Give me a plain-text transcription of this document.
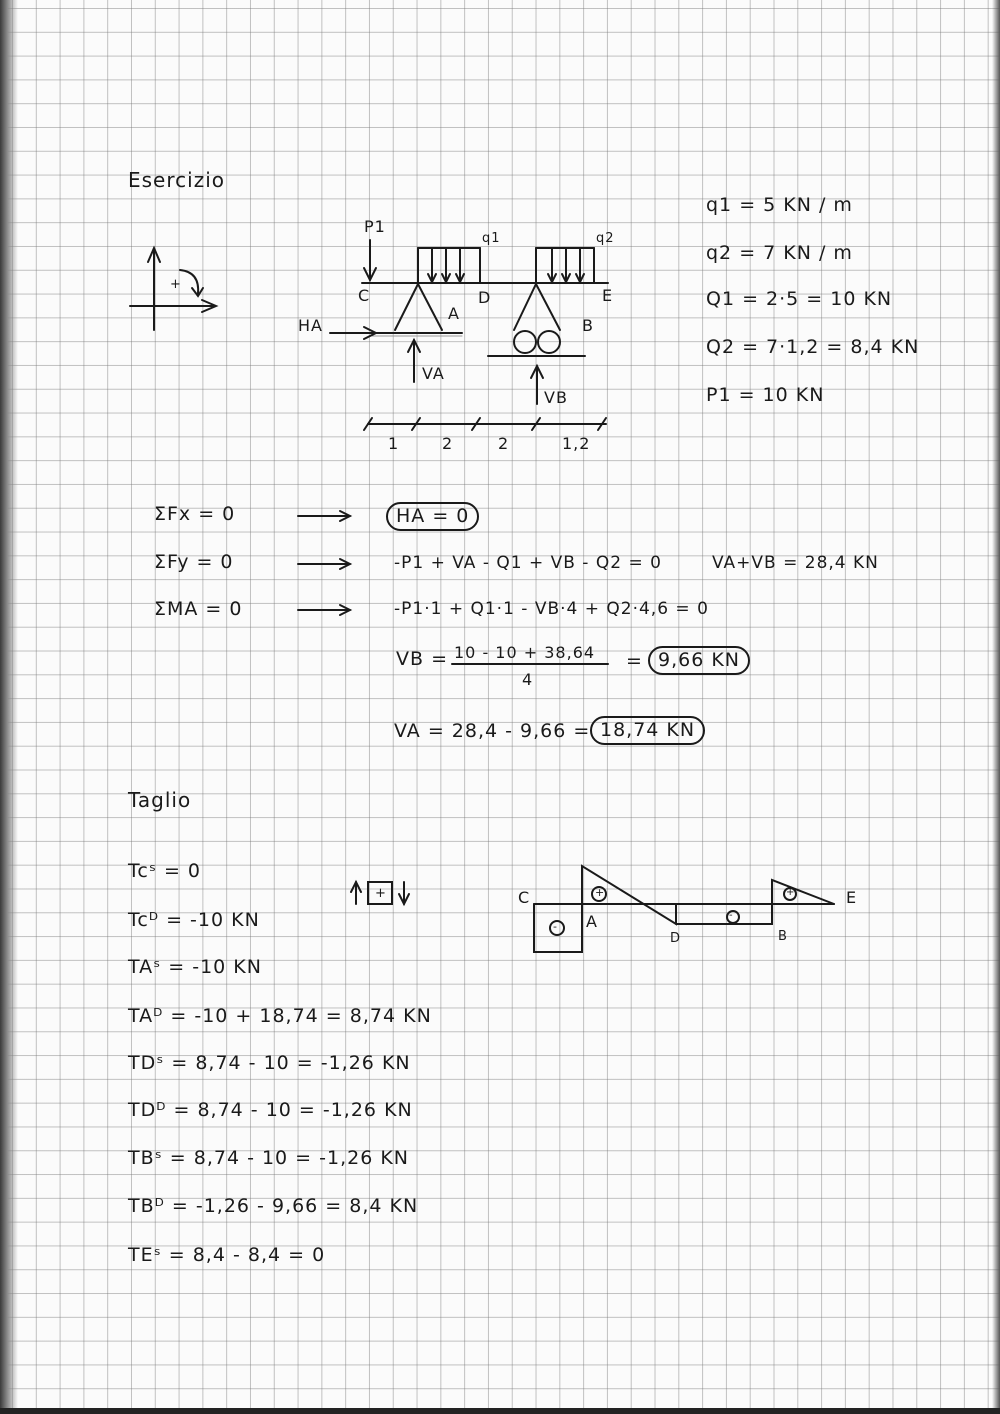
Esercizio
P1
q1	q2
C	D	E
A
B
HA
VA
VB
1	2	2	1,2
+
q1 = 5 KN / m
q2 = 7 KN / m
Q1 = 2·5 = 10 KN
Q2 = 7·1,2 = 8,4 KN
P1 = 10 KN
ΣFx = 0
ΣFy = 0
ΣMA = 0
HA = 0
-P1 + VA - Q1 + VB - Q2 = 0	VA+VB = 28,4 KN
-P1·1 + Q1·1 - VB·4 + Q2·4,6 = 0
VB = 10 - 10 + 38,64
4
= 9,66 KN
VA = 28,4 - 9,66 = 18,74 KN
Taglio
+
Tcˢ = 0
Tcᴰ = -10 KN
TAˢ = -10 KN
TAᴰ = -10 + 18,74 = 8,74 KN
TDˢ = 8,74 - 10 = -1,26 KN
TDᴰ = 8,74 - 10 = -1,26 KN
TBˢ = 8,74 - 10 = -1,26 KN
TBᴰ = -1,26 - 9,66 = 8,4 KN
TEˢ = 8,4 - 8,4 = 0
C
A
D	B
E
+	+
-
-
